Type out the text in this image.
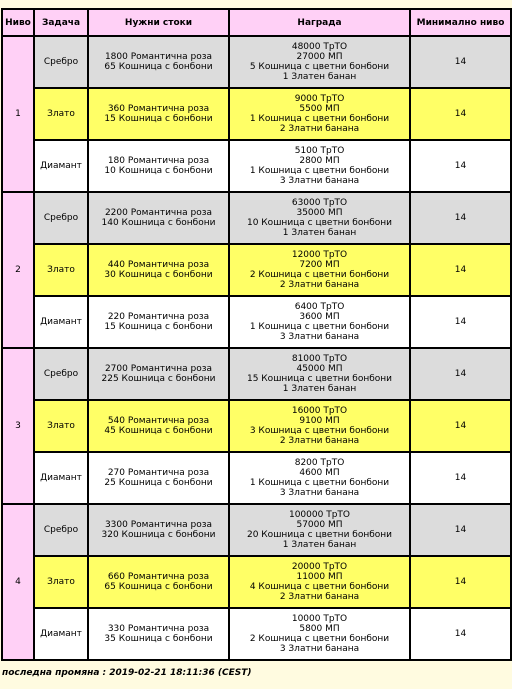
Ниво	Задача	Нужни стоки	Награда	Минимално ниво
1	Сребро	1800 Романтична роза
65 Кошница с бонбони	48000 ТрТО
27000 МП
5 Кошница с цветни бонбони
1 Златен банан	14
	Злато	360 Романтична роза
15 Кошница с бонбони	9000 ТрТО
5500 МП
1 Кошница с цветни бонбони
2 Златни банана	14
	Диамант	180 Романтична роза
10 Кошница с бонбони	5100 ТрТО
2800 МП
1 Кошница с цветни бонбони
3 Златни банана	14
2	Сребро	2200 Романтична роза
140 Кошница с бонбони	63000 ТрТО
35000 МП
10 Кошница с цветни бонбони
1 Златен банан	14
	Злато	440 Романтична роза
30 Кошница с бонбони	12000 ТрТО
7200 МП
2 Кошница с цветни бонбони
2 Златни банана	14
	Диамант	220 Романтична роза
15 Кошница с бонбони	6400 ТрТО
3600 МП
1 Кошница с цветни бонбони
3 Златни банана	14
3	Сребро	2700 Романтична роза
225 Кошница с бонбони	81000 ТрТО
45000 МП
15 Кошница с цветни бонбони
1 Златен банан	14
	Злато	540 Романтична роза
45 Кошница с бонбони	16000 ТрТО
9100 МП
3 Кошница с цветни бонбони
2 Златни банана	14
	Диамант	270 Романтична роза
25 Кошница с бонбони	8200 ТрТО
4600 МП
1 Кошница с цветни бонбони
3 Златни банана	14
4	Сребро	3300 Романтична роза
320 Кошница с бонбони	100000 ТрТО
57000 МП
20 Кошница с цветни бонбони
1 Златен банан	14
	Злато	660 Романтична роза
65 Кошница с бонбони	20000 ТрТО
11000 МП
4 Кошница с цветни бонбони
2 Златни банана	14
	Диамант	330 Романтична роза
35 Кошница с бонбони	10000 ТрТО
5800 МП
2 Кошница с цветни бонбони
3 Златни банана	14
последна промяна : 2019-02-21 18:11:36 (CEST)
